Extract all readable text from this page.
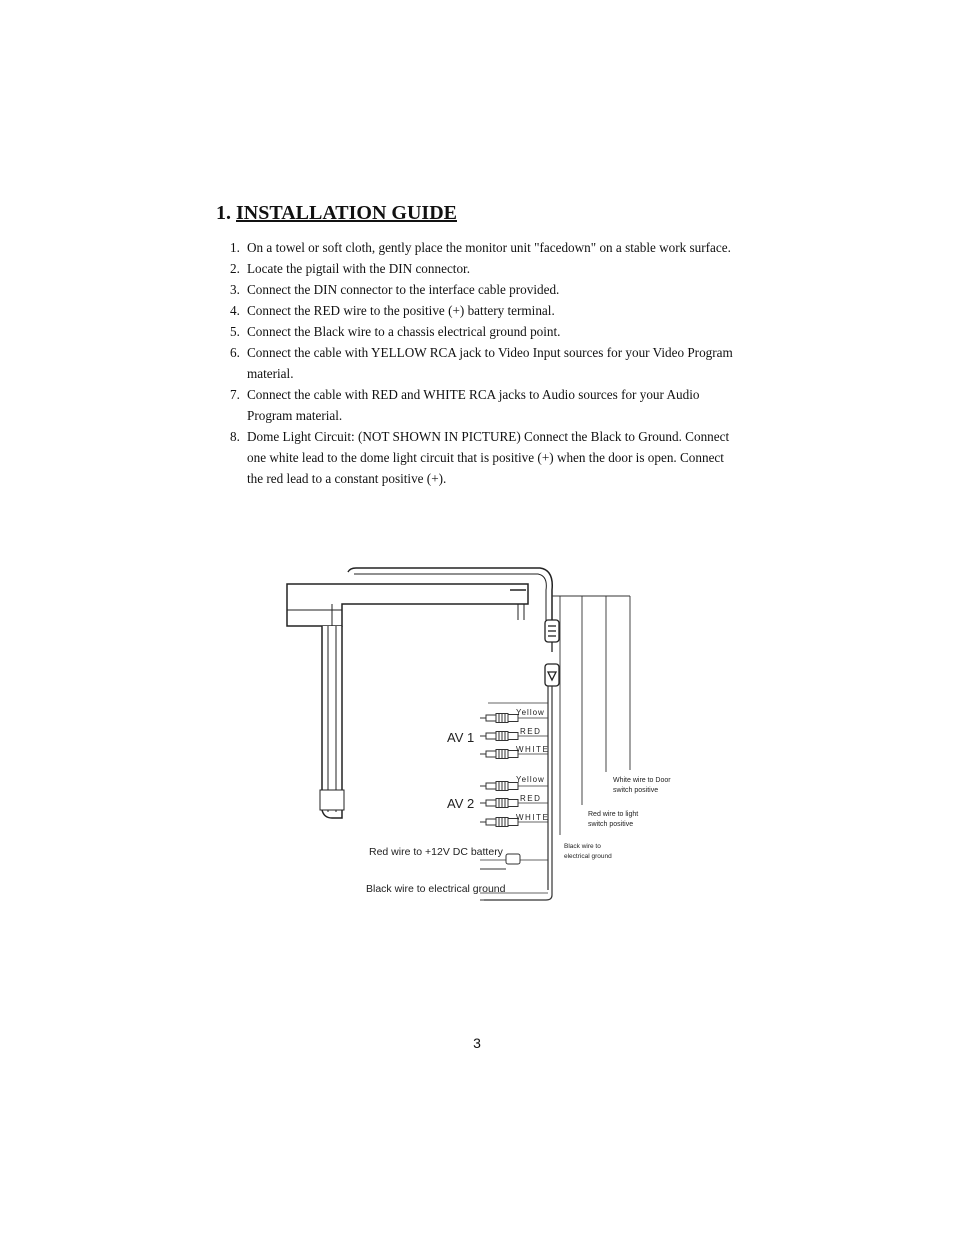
1. INSTALLATION GUIDE
1. On a towel or soft cloth, gently place the monitor unit "facedown" on a stable work surface.
2. Locate the pigtail with the DIN connector.
3. Connect the DIN connector to the interface cable provided.
4. Connect the RED wire to the positive (+) battery terminal.
5. Connect the Black wire to a chassis electrical ground point.
6. Connect the cable with YELLOW RCA jack to Video Input sources for your Video Program material.
7. Connect the cable with RED and WHITE RCA jacks to Audio sources for your Audio Program material.
8. Dome Light Circuit: (NOT SHOWN IN PICTURE) Connect the Black to Ground. Connect one white lead to the dome light circuit that is positive (+) when the door is open. Connect the red lead to a constant positive (+).
AV 1
AV 2
Yellow
RED
WHITE
Yellow
RED
WHITE
Red wire to +12V DC battery
Black wire to electrical ground
White wire to Door
switch positive
Red wire to light
switch positive
Black wire to
electrical ground
3
